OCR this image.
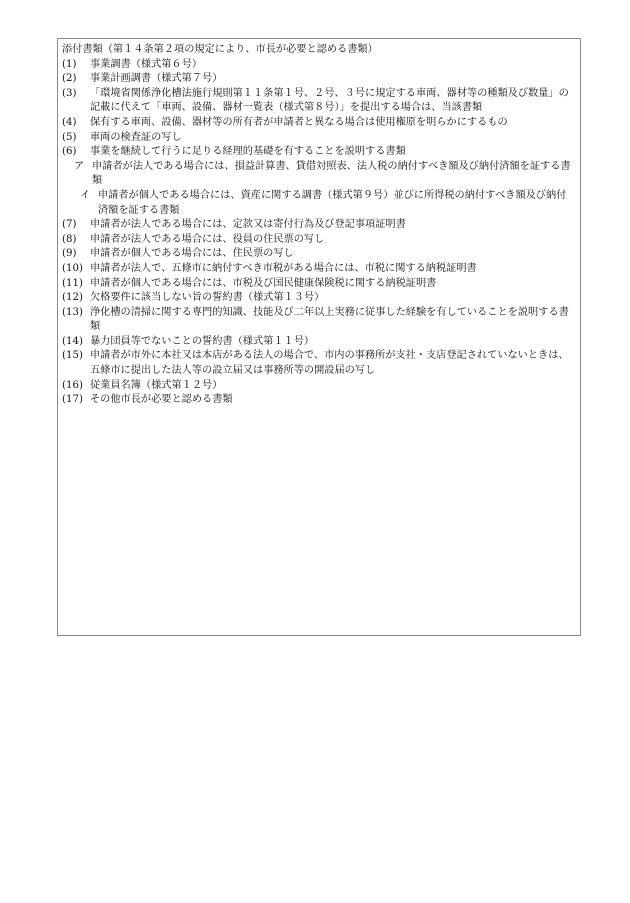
添付書類（第１４条第２項の規定により、市長が必要と認める書類）
(1)	事業調書（様式第６号）
(2)	事業計画調書（様式第７号）
(3)	「環境省関係浄化槽法施行規則第１１条第１号、２号、３号に規定する車両、器材等の種類及び数量」の記載に代えて「車両、設備、器材一覧表（様式第８号）」を提出する場合は、当該書類
(4)	保有する車両、設備、器材等の所有者が申請者と異なる場合は使用権原を明らかにするもの
(5)	車両の検査証の写し
(6)	事業を継続して行うに足りる経理的基礎を有することを説明する書類
ア 申請者が法人である場合には、損益計算書、貸借対照表、法人税の納付すべき額及び納付済額を証する書類
イ 申請者が個人である場合には、資産に関する調書（様式第９号）並びに所得税の納付すべき額及び納付済額を証する書類
(7)	申請者が法人である場合には、定款又は寄付行為及び登記事項証明書
(8)	申請者が法人である場合には、役員の住民票の写し
(9)	申請者が個人である場合には、住民票の写し
(10) 申請者が法人で、五條市に納付すべき市税がある場合には、市税に関する納税証明書
(11) 申請者が個人である場合には、市税及び国民健康保険税に関する納税証明書
(12) 欠格要件に該当しない旨の誓約書（様式第１３号）
(13) 浄化槽の清掃に関する専門的知識、技能及び二年以上実務に従事した経験を有していることを説明する書類
(14) 暴力団員等でないことの誓約書（様式第１１号）
(15) 申請者が市外に本社又は本店がある法人の場合で、市内の事務所が支社・支店登記されていないときは、五條市に提出した法人等の設立届又は事務所等の開設届の写し
(16) 従業員名簿（様式第１２号）
(17) その他市長が必要と認める書類
